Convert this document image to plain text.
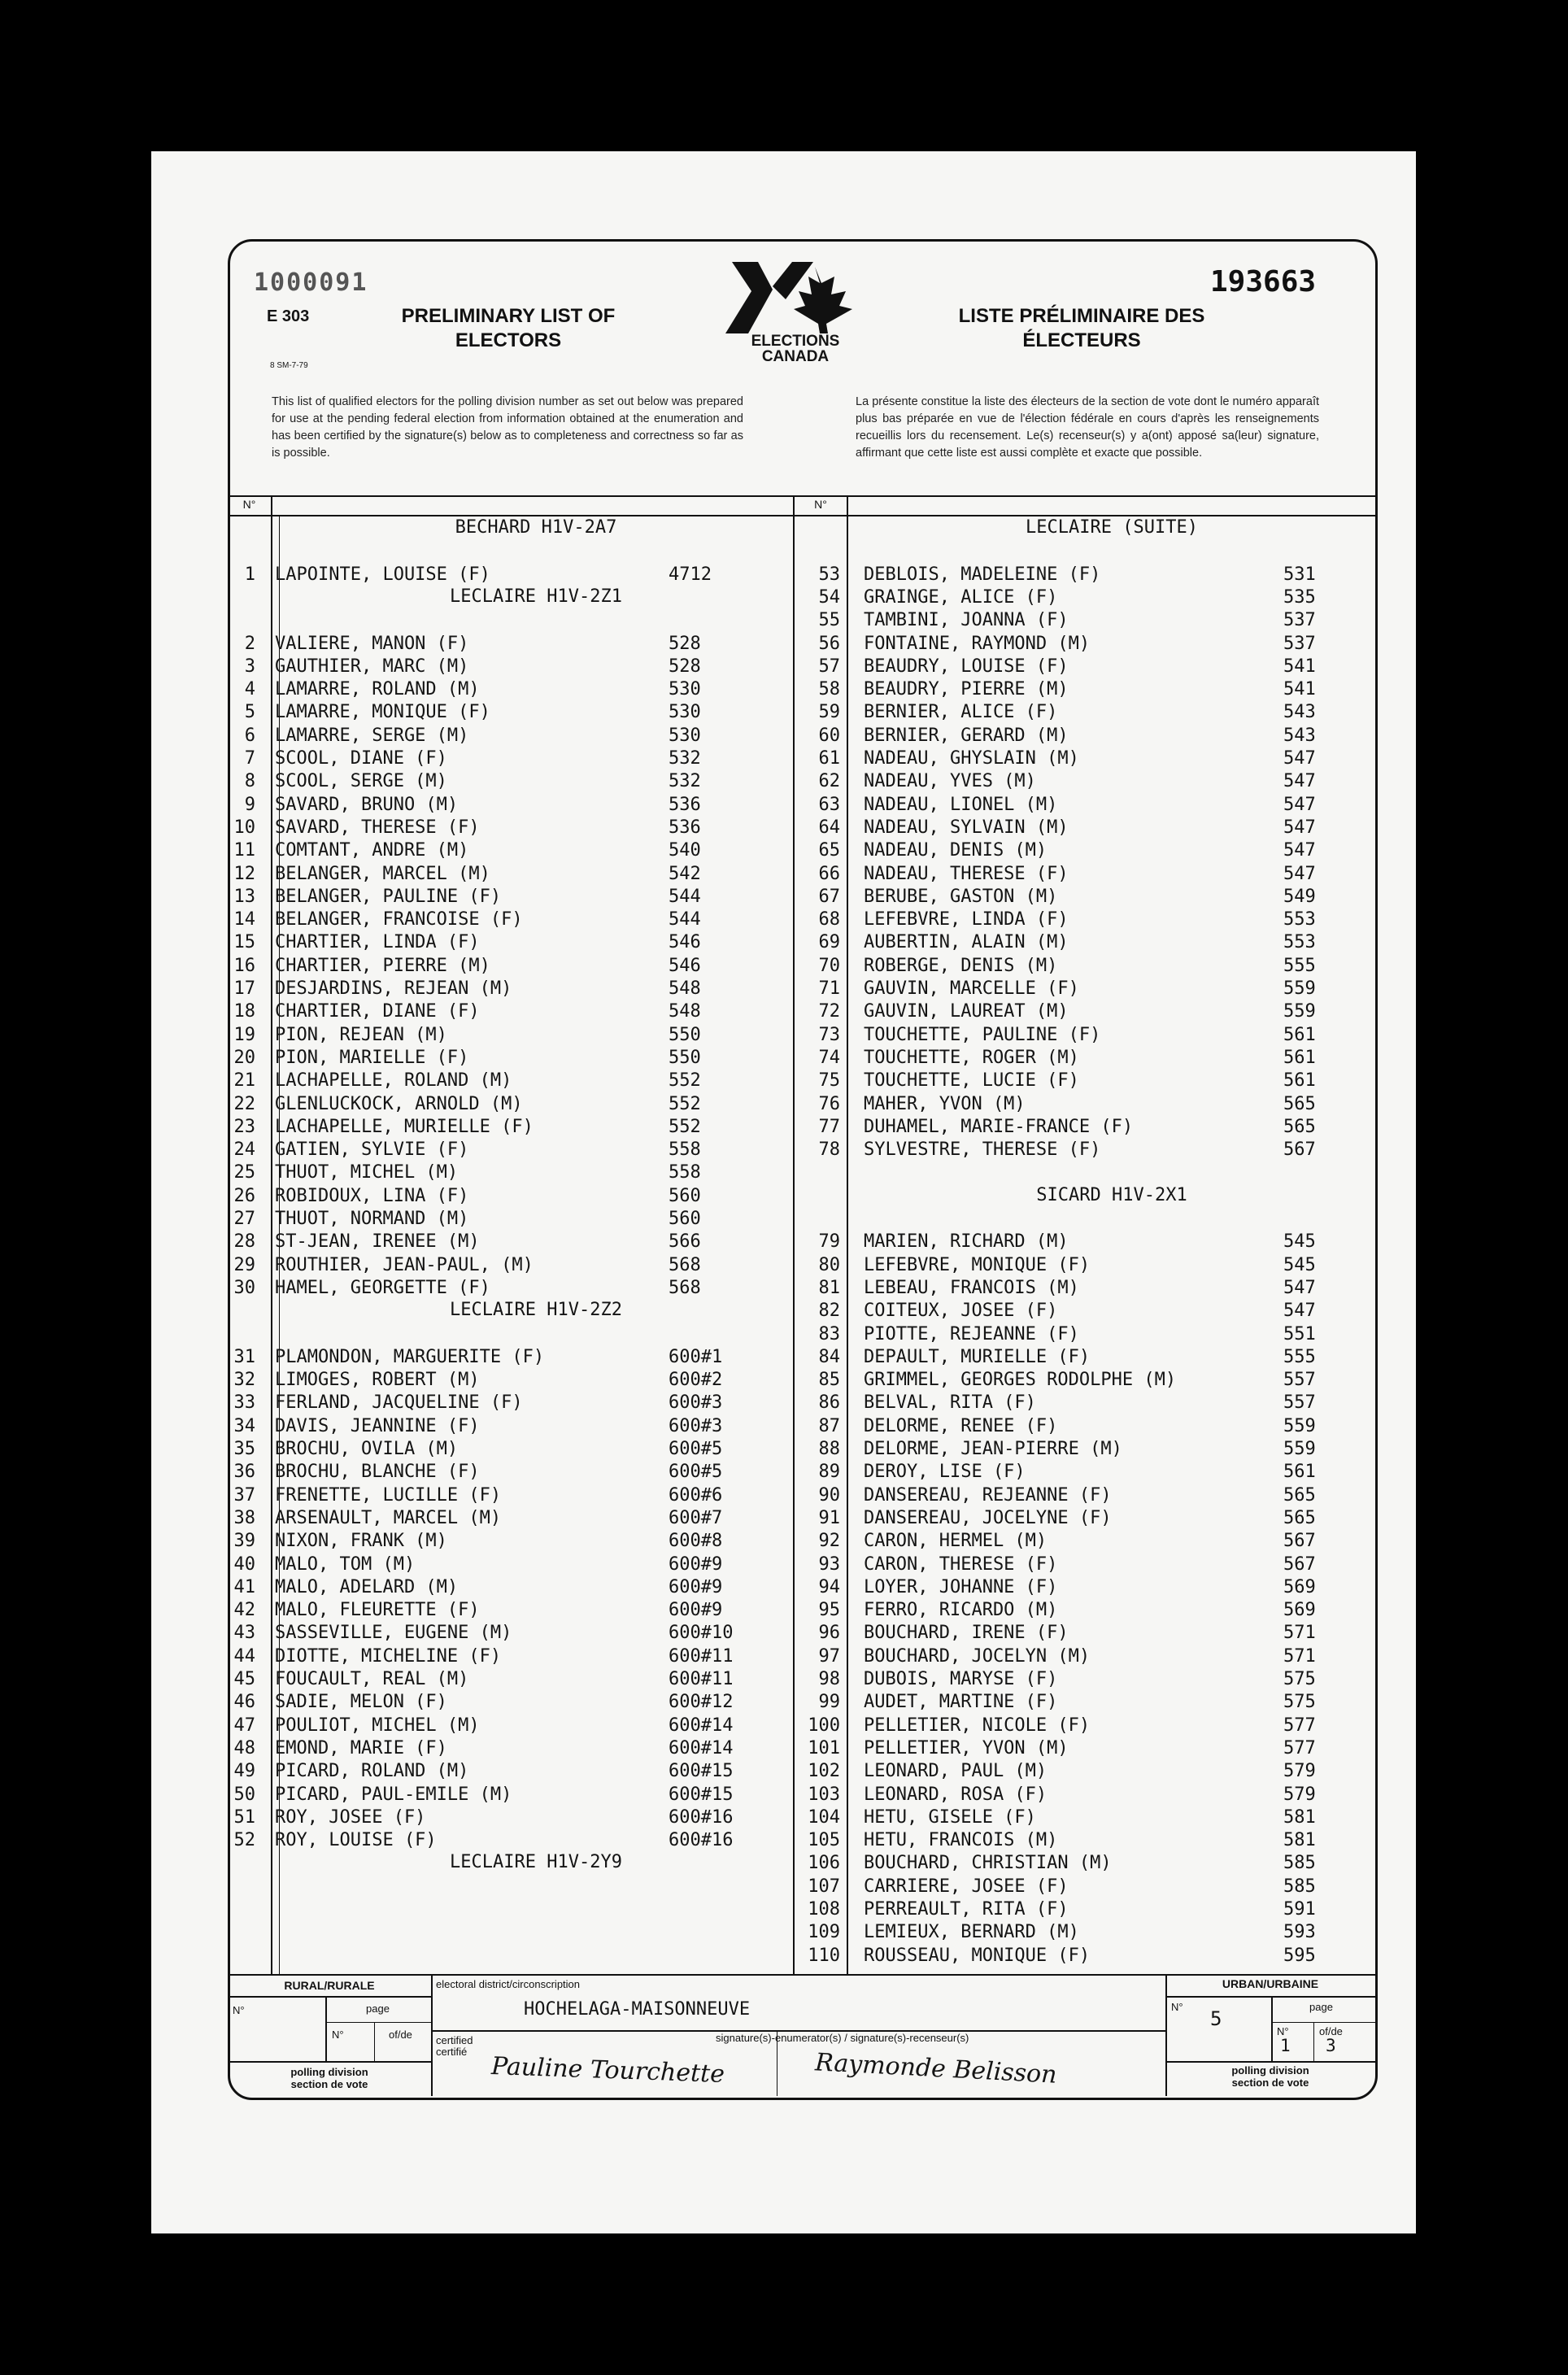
1000091	193663
E 303
8 SM-7-79
PRELIMINARY LIST OF
ELECTORS
LISTE PRÉLIMINAIRE DES
ÉLECTEURS
ELECTIONS
CANADA
This list of qualified electors for the polling division number as set out below was prepared for use at the pending federal election from information obtained at the enumeration and has been certified by the signature(s) below as to completeness and correctness so far as is possible.
La présente constitue la liste des électeurs de la section de vote dont le numéro apparaît plus bas préparée en vue de l'élection fédérale en cours d'après les renseignements recueillis lors du recensement. Le(s) recenseur(s) y a(ont) apposé sa(leur) signature, affirmant que cette liste est aussi complète et exacte que possible.
N°	N°
BECHARD H1V-2A7
LECLAIRE H1V-2Z1
LECLAIRE H1V-2Z2
LECLAIRE H1V-2Y9
1 LAPOINTE, LOUISE (F)	4712
2 VALIERE, MANON (F)	528
3 GAUTHIER, MARC (M)	528
4 LAMARRE, ROLAND (M)	530
5 LAMARRE, MONIQUE (F)	530
6 LAMARRE, SERGE (M)	530
7 SCOOL, DIANE (F)	532
8 SCOOL, SERGE (M)	532
9 SAVARD, BRUNO (M)	536
10 SAVARD, THERESE (F)	536
11 COMTANT, ANDRE (M)	540
12 BELANGER, MARCEL (M)	542
13 BELANGER, PAULINE (F)	544
14 BELANGER, FRANCOISE (F)	544
15 CHARTIER, LINDA (F)	546
16 CHARTIER, PIERRE (M)	546
17 DESJARDINS, REJEAN (M)	548
18 CHARTIER, DIANE (F)	548
19 PION, REJEAN (M)	550
20 PION, MARIELLE (F)	550
21 LACHAPELLE, ROLAND (M)	552
22 GLENLUCKOCK, ARNOLD (M)	552
23 LACHAPELLE, MURIELLE (F)	552
24 GATIEN, SYLVIE (F)	558
25 THUOT, MICHEL (M)	558
26 ROBIDOUX, LINA (F)	560
27 THUOT, NORMAND (M)	560
28 ST-JEAN, IRENEE (M)	566
29 ROUTHIER, JEAN-PAUL, (M)	568
30 HAMEL, GEORGETTE (F)	568
31 PLAMONDON, MARGUERITE (F)	600#1
32 LIMOGES, ROBERT (M)	600#2
33 FERLAND, JACQUELINE (F)	600#3
34 DAVIS, JEANNINE (F)	600#3
35 BROCHU, OVILA (M)	600#5
36 BROCHU, BLANCHE (F)	600#5
37 FRENETTE, LUCILLE (F)	600#6
38 ARSENAULT, MARCEL (M)	600#7
39 NIXON, FRANK (M)	600#8
40 MALO, TOM (M)	600#9
41 MALO, ADELARD (M)	600#9
42 MALO, FLEURETTE (F)	600#9
43 SASSEVILLE, EUGENE (M)	600#10
44 DIOTTE, MICHELINE (F)	600#11
45 FOUCAULT, REAL (M)	600#11
46 SADIE, MELON (F)	600#12
47 POULIOT, MICHEL (M)	600#14
48 EMOND, MARIE (F)	600#14
49 PICARD, ROLAND (M)	600#15
50 PICARD, PAUL-EMILE (M)	600#15
51 ROY, JOSEE (F)	600#16
52 ROY, LOUISE (F)	600#16
LECLAIRE (SUITE)
SICARD H1V-2X1
53 DEBLOIS, MADELEINE (F)	531
54 GRAINGE, ALICE (F)	535
55 TAMBINI, JOANNA (F)	537
56 FONTAINE, RAYMOND (M)	537
57 BEAUDRY, LOUISE (F)	541
58 BEAUDRY, PIERRE (M)	541
59 BERNIER, ALICE (F)	543
60 BERNIER, GERARD (M)	543
61 NADEAU, GHYSLAIN (M)	547
62 NADEAU, YVES (M)	547
63 NADEAU, LIONEL (M)	547
64 NADEAU, SYLVAIN (M)	547
65 NADEAU, DENIS (M)	547
66 NADEAU, THERESE (F)	547
67 BERUBE, GASTON (M)	549
68 LEFEBVRE, LINDA (F)	553
69 AUBERTIN, ALAIN (M)	553
70 ROBERGE, DENIS (M)	555
71 GAUVIN, MARCELLE (F)	559
72 GAUVIN, LAUREAT (M)	559
73 TOUCHETTE, PAULINE (F)	561
74 TOUCHETTE, ROGER (M)	561
75 TOUCHETTE, LUCIE (F)	561
76 MAHER, YVON (M)	565
77 DUHAMEL, MARIE-FRANCE (F)	565
78 SYLVESTRE, THERESE (F)	567
79 MARIEN, RICHARD (M)	545
80 LEFEBVRE, MONIQUE (F)	545
81 LEBEAU, FRANCOIS (M)	547
82 COITEUX, JOSEE (F)	547
83 PIOTTE, REJEANNE (F)	551
84 DEPAULT, MURIELLE (F)	555
85 GRIMMEL, GEORGES RODOLPHE (M)	557
86 BELVAL, RITA (F)	557
87 DELORME, RENEE (F)	559
88 DELORME, JEAN-PIERRE (M)	559
89 DEROY, LISE (F)	561
90 DANSEREAU, REJEANNE (F)	565
91 DANSEREAU, JOCELYNE (F)	565
92 CARON, HERMEL (M)	567
93 CARON, THERESE (F)	567
94 LOYER, JOHANNE (F)	569
95 FERRO, RICARDO (M)	569
96 BOUCHARD, IRENE (F)	571
97 BOUCHARD, JOCELYN (M)	571
98 DUBOIS, MARYSE (F)	575
99 AUDET, MARTINE (F)	575
100 PELLETIER, NICOLE (F)	577
101 PELLETIER, YVON (M)	577
102 LEONARD, PAUL (M)	579
103 LEONARD, ROSA (F)	579
104 HETU, GISELE (F)	581
105 HETU, FRANCOIS (M)	581
106 BOUCHARD, CHRISTIAN (M)	585
107 CARRIERE, JOSEE (F)	585
108 PERREAULT, RITA (F)	591
109 LEMIEUX, BERNARD (M)	593
110 ROUSSEAU, MONIQUE (F)	595
RURAL/RURALE	URBAN/URBAINE
N°	page
N°	of/de
polling division
section de vote
N°
5
page
N°
1
of/de
3
polling division
section de vote
electoral district/circonscription
HOCHELAGA-MAISONNEUVE
certified
certifié
signature(s)-enumerator(s) / signature(s)-recenseur(s)
Pauline Tourchette	Raymonde Belisson
